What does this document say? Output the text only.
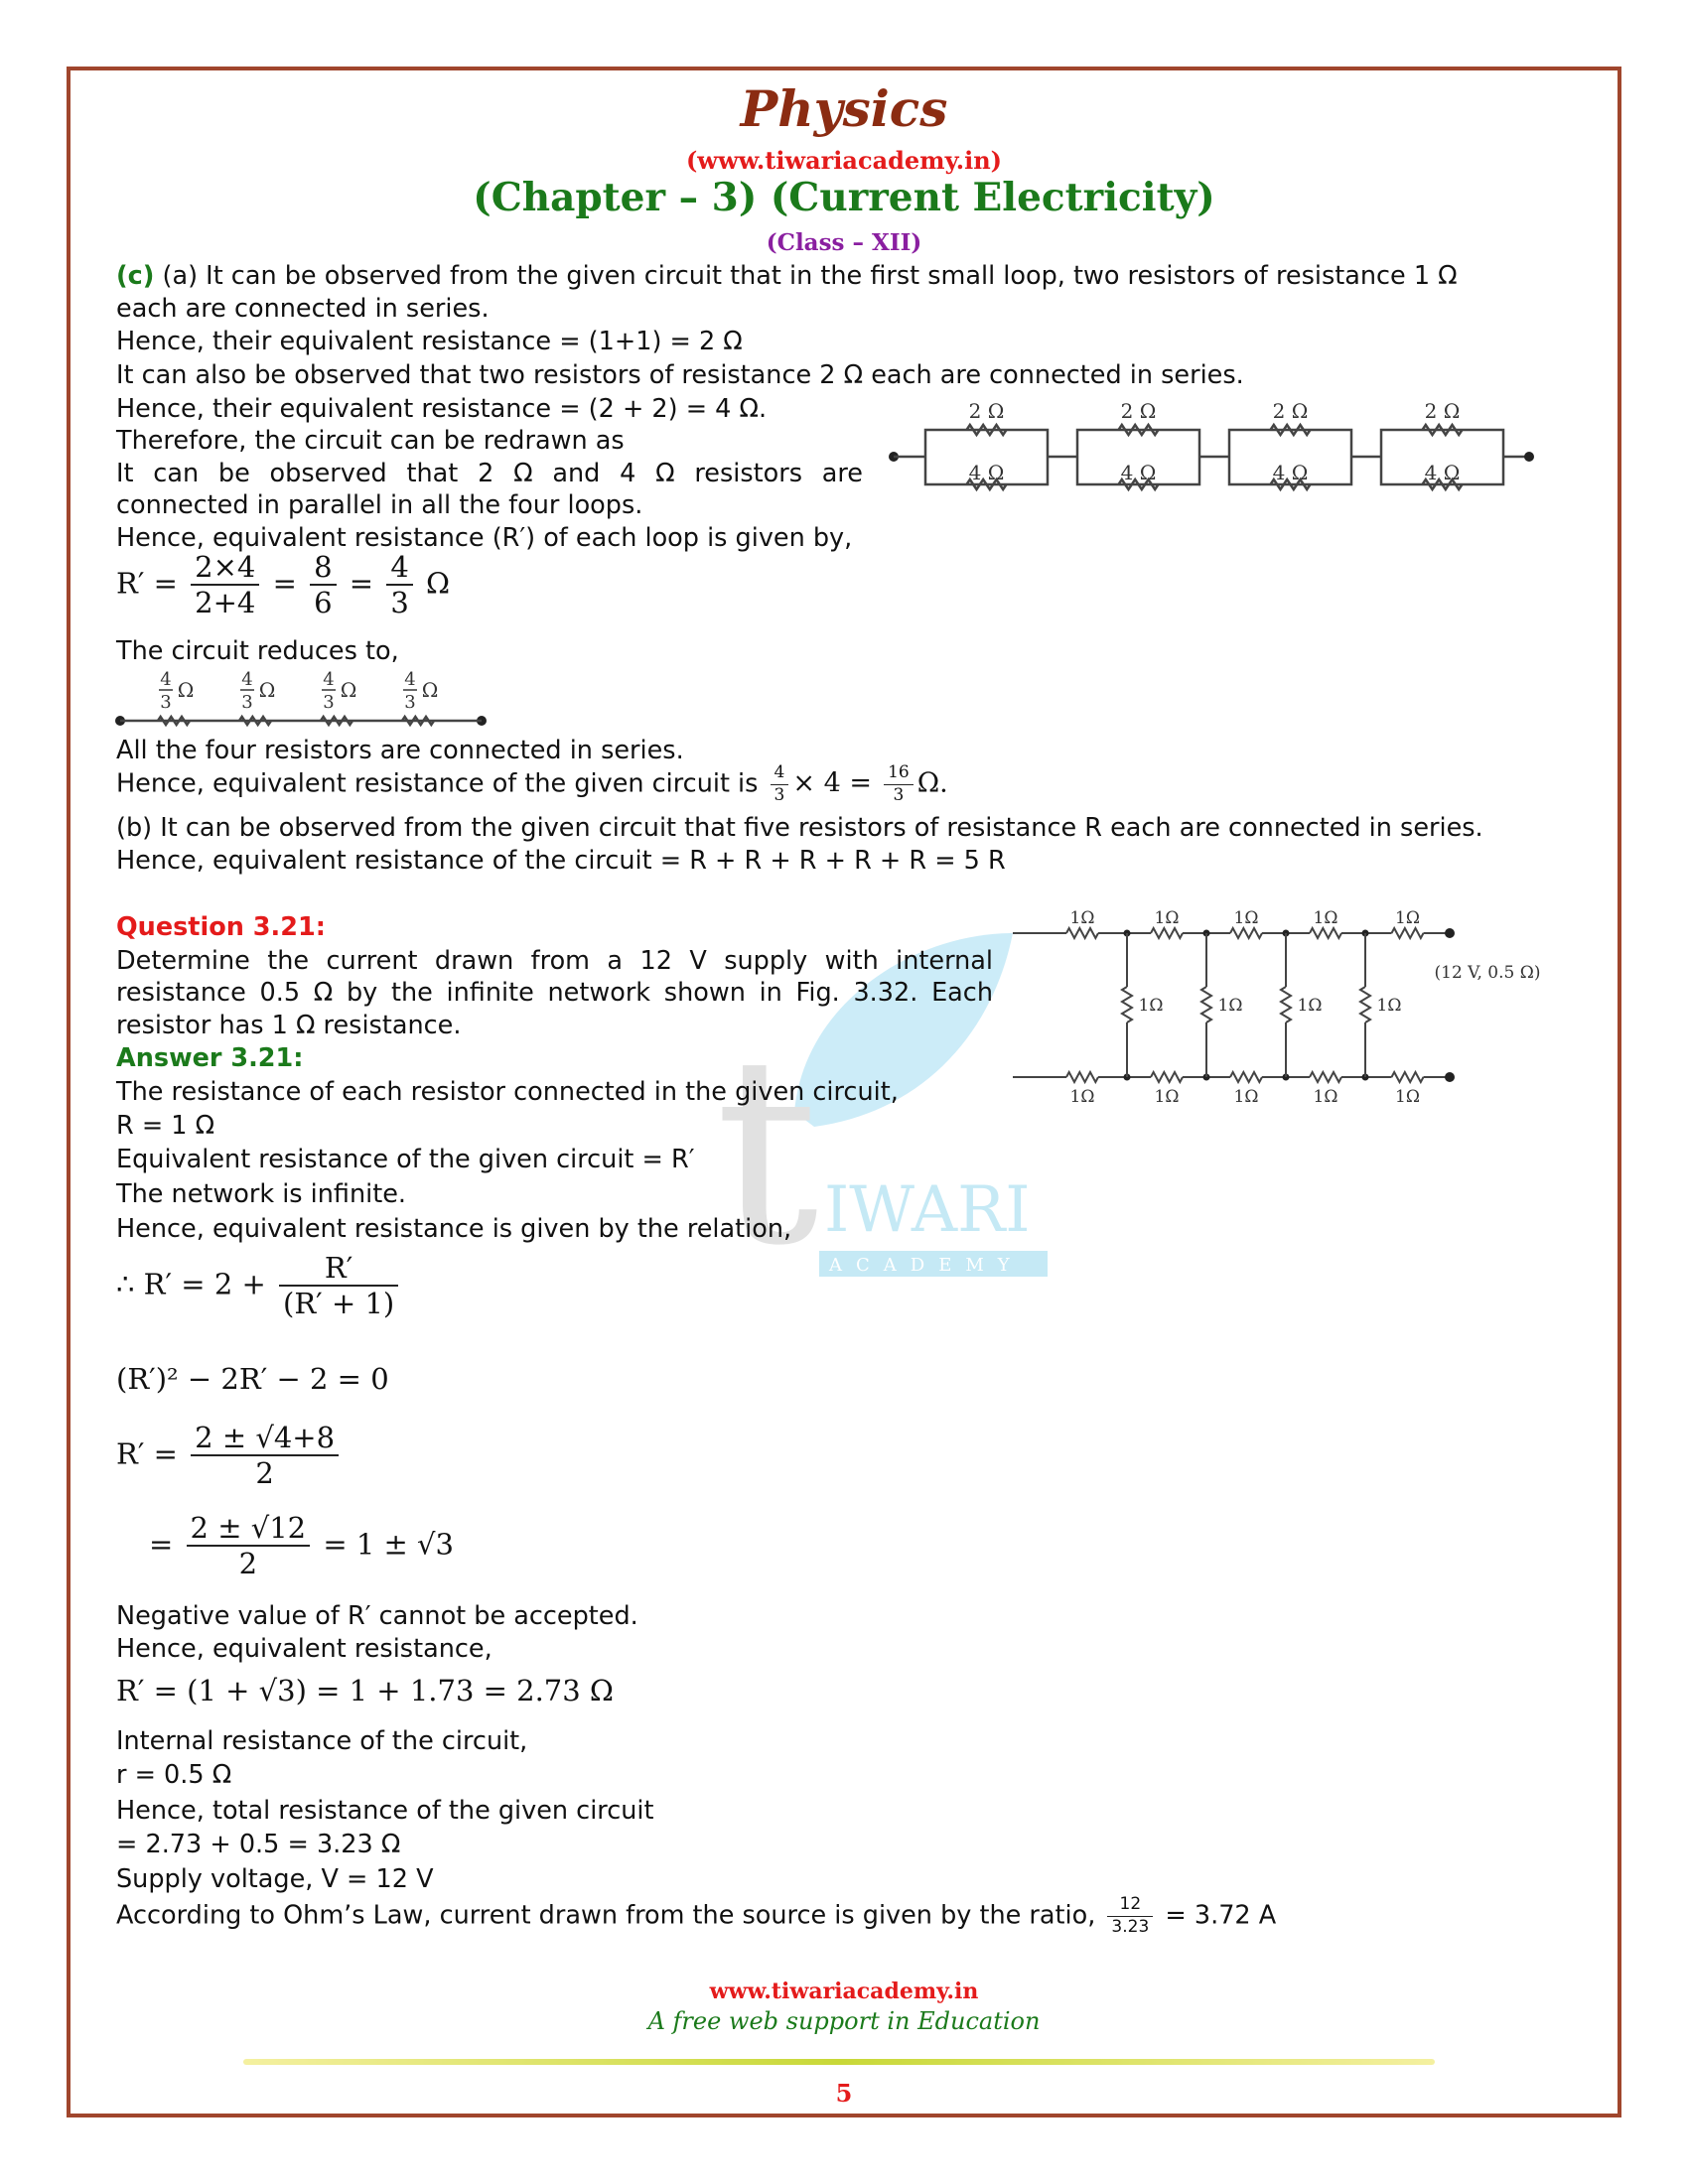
t IWARI
ACADEMY
Physics
(www.tiwariacademy.in)
(Chapter – 3) (Current Electricity)
(Class – XII)
(c) (a) It can be observed from the given circuit that in the first small loop, two resistors of resistance 1 Ω
each are connected in series.
Hence, their equivalent resistance = (1+1) = 2 Ω
It can also be observed that two resistors of resistance 2 Ω each are connected in series.
Hence, their equivalent resistance = (2 + 2) = 4 Ω.
Therefore, the circuit can be redrawn as
It can be observed that 2 Ω and 4 Ω resistors are
connected in parallel in all the four loops.
Hence, equivalent resistance (R′) of each loop is given by,
2 Ω
4 Ω
2 Ω
4 Ω
2 Ω
4 Ω
2 Ω
4 Ω
$R' = \frac{2\times 4}{2+4} = \frac{8}{6} = \frac{4}{3}$ Ω
The circuit reduces to,
4
3
Ω	4
3
Ω	4
3
Ω	4
3
Ω
All the four resistors are connected in series.
Hence, equivalent resistance of the given circuit is $\frac{4}{3} \times 4 = \frac{16}{3} \Omega$.
(b) It can be observed from the given circuit that five resistors of resistance R each are connected in series.
Hence, equivalent resistance of the circuit = R + R + R + R + R = 5 R
Question 3.21:
Determine the current drawn from a 12 V supply with internal
resistance 0.5 Ω by the infinite network shown in Fig. 3.32. Each
resistor has 1 Ω resistance.
1Ω
1Ω
1Ω
1Ω
1Ω
1Ω
1Ω
1Ω
1Ω
1Ω
1Ω	1Ω	1Ω	1Ω
(12 V, 0.5 Ω)
Answer 3.21:
The resistance of each resistor connected in the given circuit,
R = 1 Ω
Equivalent resistance of the given circuit = R′
The network is infinite.
Hence, equivalent resistance is given by the relation,
∴ $R' = 2 + \frac{R'}{(R' + 1)}$
(R′)² − 2R′ − 2 = 0
$R' = \frac{2 \pm √4+8}{2}$
= $\frac{2 \pm √12}{2} = 1 \pm √3$
Negative value of R′ cannot be accepted.
Hence, equivalent resistance,
R′ = (1 + √3) = 1 + 1.73 = 2.73 Ω
Internal resistance of the circuit,
r = 0.5 Ω
Hence, total resistance of the given circuit
= 2.73 + 0.5 = 3.23 Ω
Supply voltage, V = 12 V
According to Ohm’s Law, current drawn from the source is given by the ratio, $\frac{12}{3.23} = 3.72$ A
www.tiwariacademy.in
A free web support in Education
5
